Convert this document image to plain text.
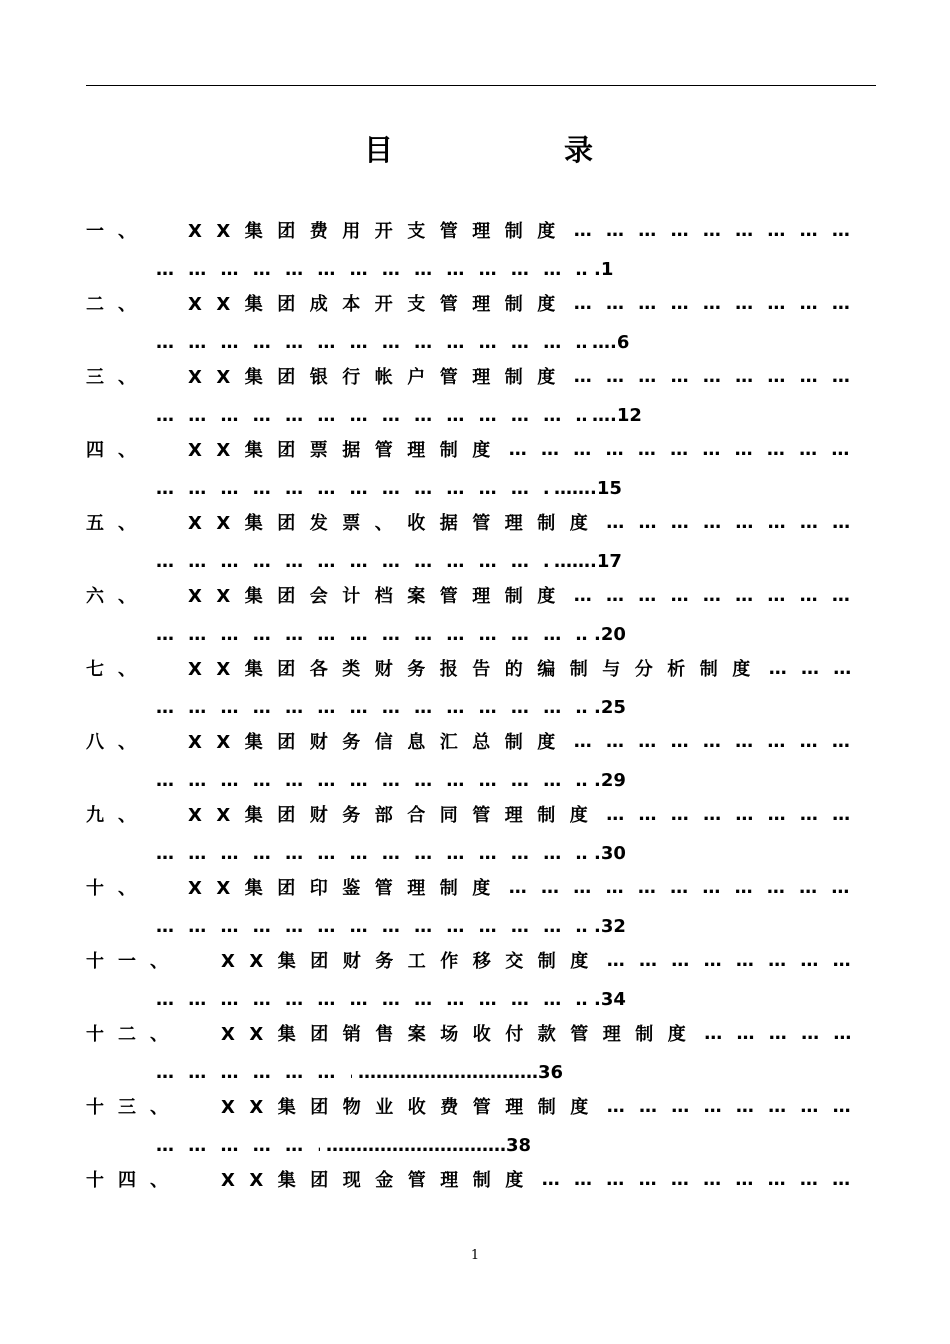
目	录
一、	XX集团费用开支管理制度
… … … … … … … … … … … … … … … … … … … … … … … … … …
… … … … … … … … … … … … … … … … …
.1
二、	XX集团成本开支管理制度
… … … … … … … … … … … … … … … … … … … … … … … … … …
… … … … … … … … … … … … … … … … …
….6
三、	XX集团银行帐户管理制度
… … … … … … … … … … … … … … … … … … … … … … … … … …
… … … … … … … … … … … … … … … … …
….12
四、	XX集团票据管理制度
… … … … … … … … … … … … … … … … … … … … … … … … … …
… … … … … … … … … … … … … … … … …
…….15
五、	XX集团发票、收据管理制度
… … … … … … … … … … … … … … … … … … … … … … … … … …
… … … … … … … … … … … … … … … … …
…….17
六、	XX集团会计档案管理制度
… … … … … … … … … … … … … … … … … … … … … … … … … …
… … … … … … … … … … … … … … … … …
.20
七、	XX集团各类财务报告的编制与分析制度
… … … … … … … … … … … … … … … … … … … … … … … … … …
… … … … … … … … … … … … … … … … …
.25
八、	XX集团财务信息汇总制度
… … … … … … … … … … … … … … … … … … … … … … … … … …
… … … … … … … … … … … … … … … … …
.29
九、	XX集团财务部合同管理制度
… … … … … … … … … … … … … … … … … … … … … … … … … …
… … … … … … … … … … … … … … … … …
.30
十、	XX集团印鉴管理制度
… … … … … … … … … … … … … … … … … … … … … … … … … …
… … … … … … … … … … … … … … … … …
.32
十一、	XX集团财务工作移交制度
… … … … … … … … … … … … … … … … … … … … … … … … … …
… … … … … … … … … … … … … … … … …
.34
十二、	XX集团销售案场收付款管理制度
… … … … … … … … … … … … … … … … … … … … … … … … … …
… … … … … … … … … … … … … … … … …
…………………………36
十三、	XX集团物业收费管理制度
… … … … … … … … … … … … … … … … … … … … … … … … … …
… … … … … … … … … … … … … … … … …
…………………………38
十四、	XX集团现金管理制度
… … … … … … … … … … … … … … … … … … … … … … … … … …
1
